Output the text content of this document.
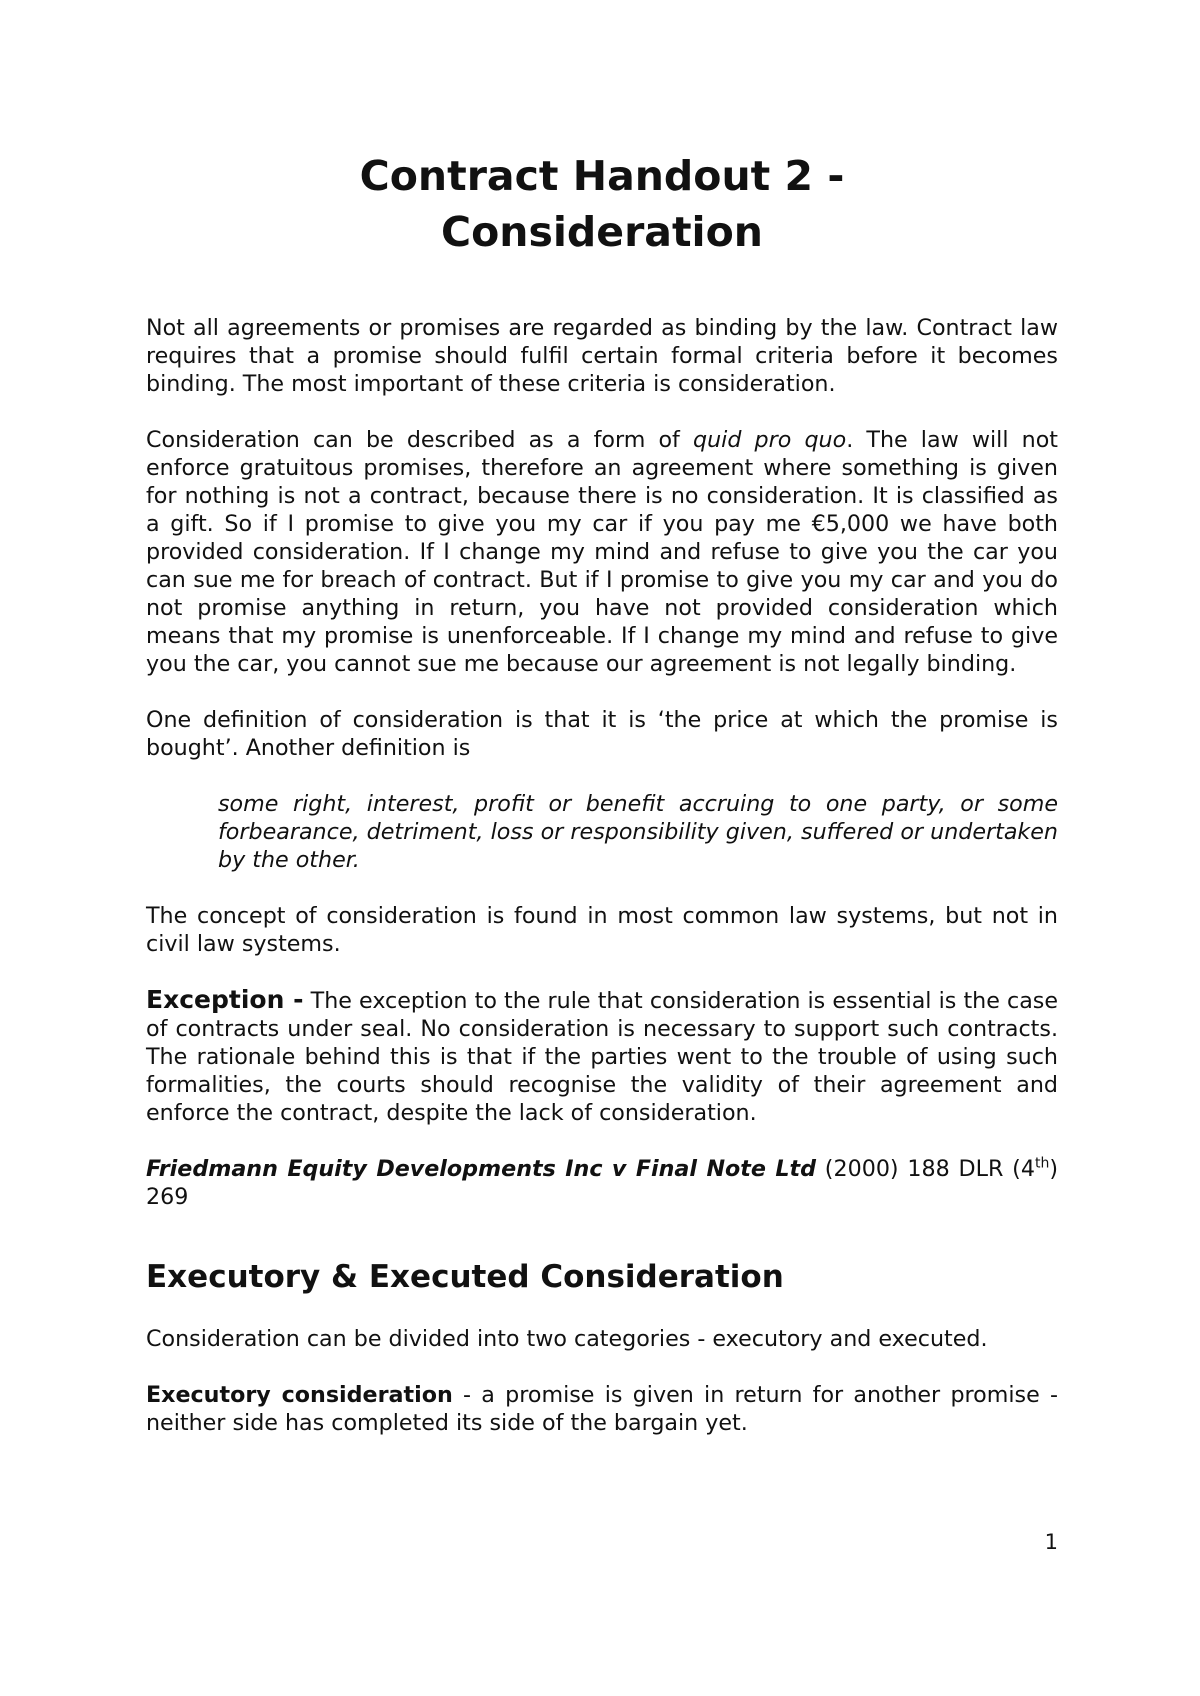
Contract Handout 2 -
Consideration

Not all agreements or promises are regarded as binding by the law. Contract law requires that a promise should fulfil certain formal criteria before it becomes binding. The most important of these criteria is consideration.

Consideration can be described as a form of quid pro quo. The law will not enforce gratuitous promises, therefore an agreement where something is given for nothing is not a contract, because there is no consideration. It is classified as a gift. So if I promise to give you my car if you pay me €5,000 we have both provided consideration. If I change my mind and refuse to give you the car you can sue me for breach of contract. But if I promise to give you my car and you do not promise anything in return, you have not provided consideration which means that my promise is unenforceable. If I change my mind and refuse to give you the car, you cannot sue me because our agreement is not legally binding.

One definition of consideration is that it is ‘the price at which the promise is bought’. Another definition is

some right, interest, profit or benefit accruing to one party, or some forbearance, detriment, loss or responsibility given, suffered or undertaken by the other.

The concept of consideration is found in most common law systems, but not in civil law systems.

Exception - The exception to the rule that consideration is essential is the case of contracts under seal. No consideration is necessary to support such contracts. The rationale behind this is that if the parties went to the trouble of using such formalities, the courts should recognise the validity of their agreement and enforce the contract, despite the lack of consideration.

Friedmann Equity Developments Inc v Final Note Ltd (2000) 188 DLR (4th) 269

Executory & Executed Consideration

Consideration can be divided into two categories - executory and executed.

Executory consideration - a promise is given in return for another promise - neither side has completed its side of the bargain yet.

1
